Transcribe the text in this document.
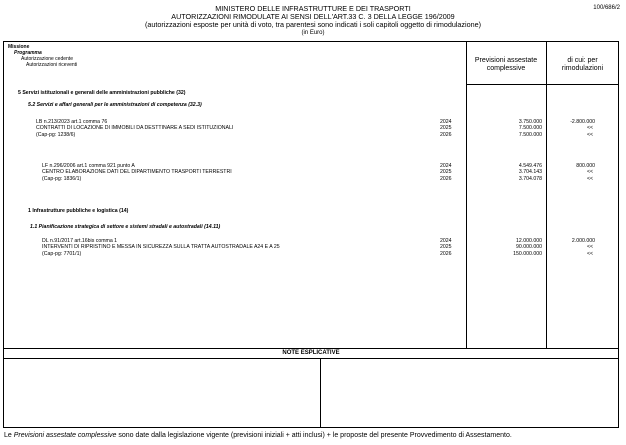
100/686/2
MINISTERO DELLE INFRASTRUTTURE E DEI TRASPORTI
AUTORIZZAZIONI RIMODULATE AI SENSI DELL'ART.33 C. 3 DELLA LEGGE 196/2009
(autorizzazioni esposte per unità di voto, tra parentesi sono indicati i soli capitoli oggetto di rimodulazione)
(in Euro)
Missione
Programma
Autorizzazione cedente
Autorizzazioni riceventi
Previsioni assestate complessive
di cui: per rimodulazioni
5 Servizi istituzionali e generali delle amministrazioni pubbliche (32)
5.2 Servizi e affari generali per le amministrazioni di competenza (32.3)
LB n.213/2023 art.1 comma 76
CONTRATTI DI LOCAZIONE DI IMMOBILI DA DESTTINARE A SEDI ISTITUZIONALI
(Cap-pg: 1238/6)
2024
2025
2026
3.750.000
7.500.000
7.500.000
-2.800.000
<<
<<
LF n.296/2006 art.1 comma 921 punto A
CENTRO ELABORAZIONE DATI DEL DIPARTIMENTO TRASPORTI TERRESTRI
(Cap-pg: 1836/1)
2024
2025
2026
4.549.476
3.704.143
3.704.078
800.000
<<
<<
1 Infrastrutture pubbliche e logistica (14)
1.1 Pianificazione strategica di settore e sistemi stradali e autostradali (14.11)
DL n.91/2017 art.16bis comma 1
INTERVENTI DI RIPRISTINO E MESSA IN SICUREZZA SULLA TRATTA AUTOSTRADALE A24 E A 25
(Cap-pg: 7701/1)
2024
2025
2026
12.000.000
90.000.000
150.000.000
2.000.000
<<
<<
NOTE ESPLICATIVE
Le Previsioni assestate complessive sono date dalla legislazione vigente (previsioni iniziali + atti inclusi) + le proposte del presente Provvedimento di Assestamento.
